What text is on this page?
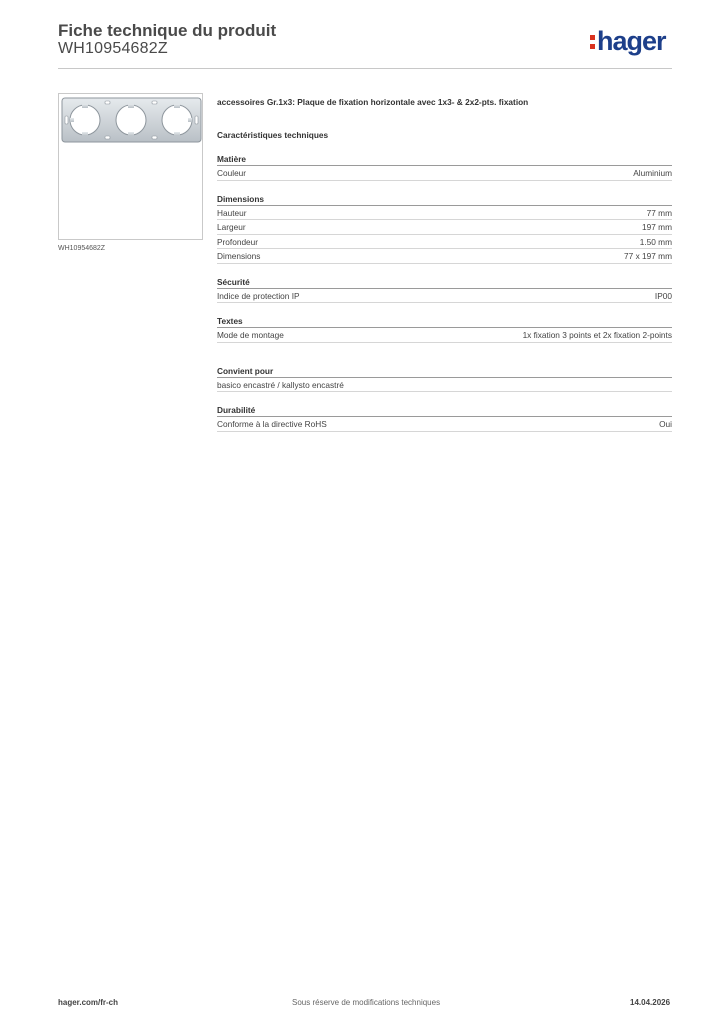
Fiche technique du produit
WH10954682Z	hager
WH10954682Z
accessoires Gr.1x3: Plaque de fixation horizontale avec 1x3- & 2x2-pts. fixation
Caractéristiques techniques
Matière
Couleur	Aluminium
Dimensions
Hauteur	77 mm
Largeur	197 mm
Profondeur	1.50 mm
Dimensions	77 x 197 mm
Sécurité
Indice de protection IP	IP00
Textes
Mode de montage	1x fixation 3 points et 2x fixation 2-points
Convient pour
basico encastré / kallysto encastré
Durabilité
Conforme à la directive RoHS	Oui
hager.com/fr-ch	Sous réserve de modifications techniques	14.04.2026
